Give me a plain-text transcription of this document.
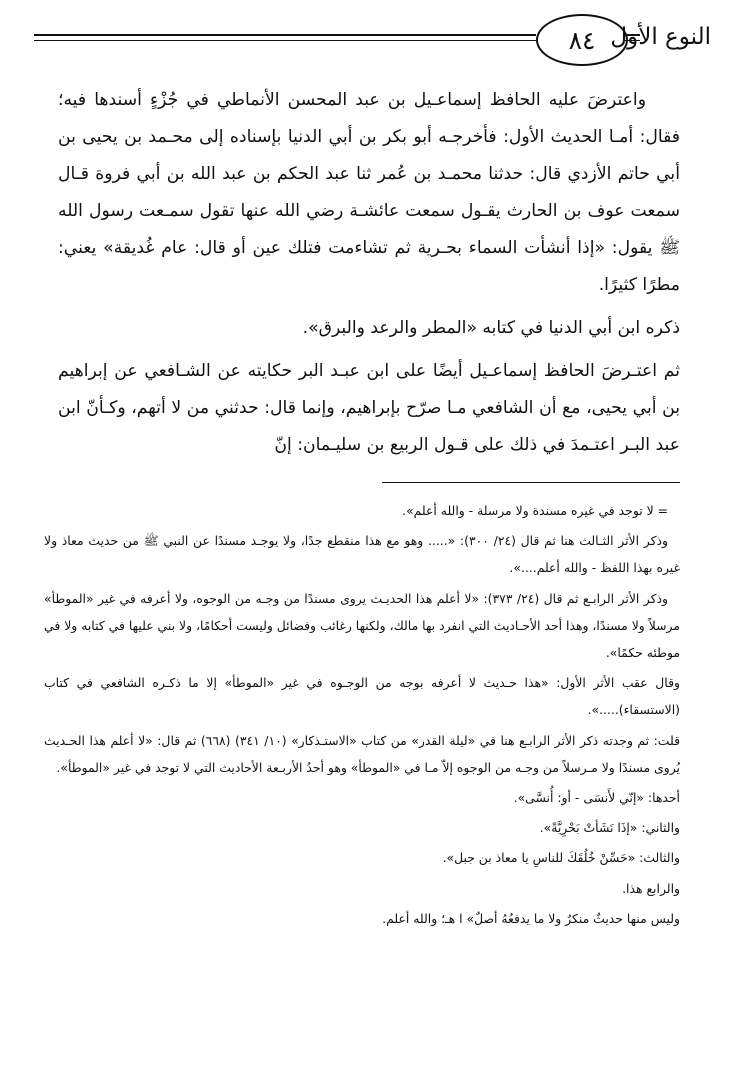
٨٤ النوع الأول

واعترضَ عليه الحافظ إسماعـيل بن عبد المحسن الأنماطي في جُزْءٍ أسندها فيه؛ فقال: أمـا الحديث الأول: فأخرجـه أبو بكر بن أبي الدنيا بإسناده إلى محـمد بن يحيى بن أبي حاتم الأزدي قال: حدثنا محمـد بن عُمر ثنا عبد الحكم بن عبد الله بن أبي فروة قـال سمعت عوف بن الحارث يقـول سمعت عائشـة رضي الله عنها تقول سمـعت رسول الله ﷺ يقول: «إذا أنشأت السماء بحـرية ثم تشاءمت فتلك عين أو قال: عام غُديقة» يعني: مطرًا كثيرًا.

ذكره ابن أبي الدنيا في كتابه «المطر والرعد والبرق».

ثم اعتـرضَ الحافظ إسماعـيل أيضًا على ابن عبـد البر حكايته عن الشـافعي عن إبراهيم بن أبي يحيى، مع أن الشافعي مـا صرّح بإبراهيم، وإنما قال: حدثني من لا أتهم، وكـأنّ ابن عبد البـر اعتـمدَ في ذلك على قـول الربيع بن سليـمان: إنّ

= لا توجد في غيره مسندة ولا مرسلة - والله أعلم».

وذكر الأثر الثـالث هنا ثم قال (٢٤/ ٣٠٠): «..... وهو مع هذا منقطع جدًا، ولا يوجـد مسندًا عن النبي ﷺ من حديث معاذ ولا غيره بهذا اللفظ - والله أعلم....».

وذكر الأثر الرابـع ثم قال (٢٤/ ٣٧٣): «لا أعلم هذا الحديـث يروى مسندًا من وجـه من الوجوه، ولا أعرفه في غير «الموطأ» مرسلاً ولا مسندًا، وهذا أحد الأحـاديث التي انفرد بها مالك، ولكنها رغائب وفضائل وليست أحكامًا، ولا بني عليها في كتابه ولا في موطئه حكمًا».

وقال عقب الأثر الأول: «هذا حـديث لا أعرفه بوجه من الوجـوه في غير «الموطأ» إلا ما ذكـره الشافعي في كتاب (الاستسقاء).....».

قلت: ثم وجدته ذكر الأثر الرابـع هنا في «ليلة القدر» من كتاب «الاستـذكار» (١٠/ ٣٤١) (٦٦٨) ثم قال: «لا أعلم هذا الحـديث يُروى مسندًا ولا مـرسلاً من وجـه من الوجوه إلاّ مـا في «الموطأ» وهو أحدُ الأربـعة الأحاديث التي لا توجد في غير «الموطأ».

أحدها: «إنّي لأَنسَى - أو: أُنسَّى».

والثاني: «إذَا نَشَأتْ بَحْرِيَّةً».

والثالث: «حَسِّنْ خُلُقَكَ للناسِ يا معاذ بن جبل».

والرابع هذا.

وليس منها حديثٌ منكرٌ ولا ما يدفعُهُ أصلٌ» ا هـ؛ والله أعلم.
